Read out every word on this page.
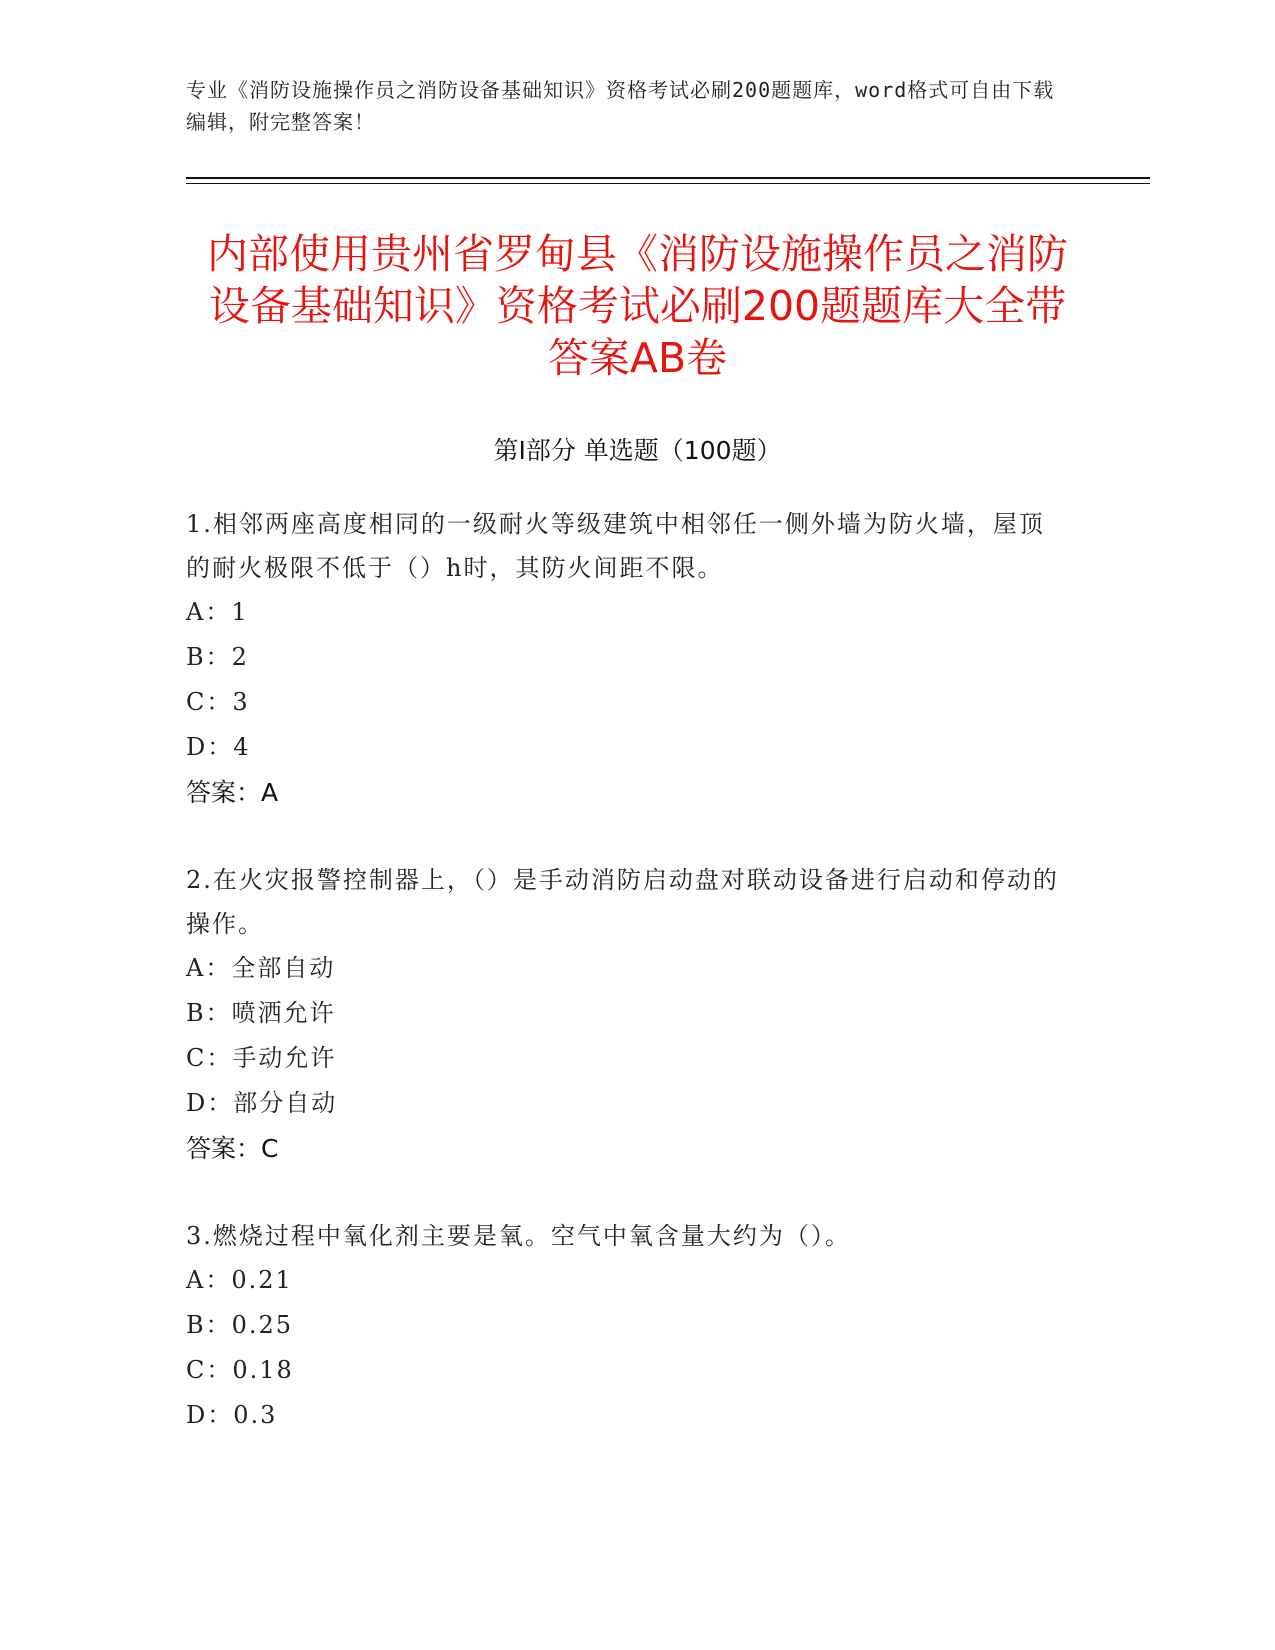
专业《消防设施操作员之消防设备基础知识》资格考试必刷200题题库，word格式可自由下载编辑，附完整答案！
内部使用贵州省罗甸县《消防设施操作员之消防设备基础知识》资格考试必刷200题题库大全带答案AB卷
第Ⅰ部分 单选题（100题）

1.相邻两座高度相同的一级耐火等级建筑中相邻任一侧外墙为防火墙，屋顶的耐火极限不低于（）h时，其防火间距不限。

A：1

B：2

C：3

D：4

答案：A

2.在火灾报警控制器上，（）是手动消防启动盘对联动设备进行启动和停动的操作。

A：全部自动

B：喷洒允许

C：手动允许

D：部分自动

答案：C

3.燃烧过程中氧化剂主要是氧。空气中氧含量大约为（）。

A：0.21

B：0.25

C：0.18

D：0.3
